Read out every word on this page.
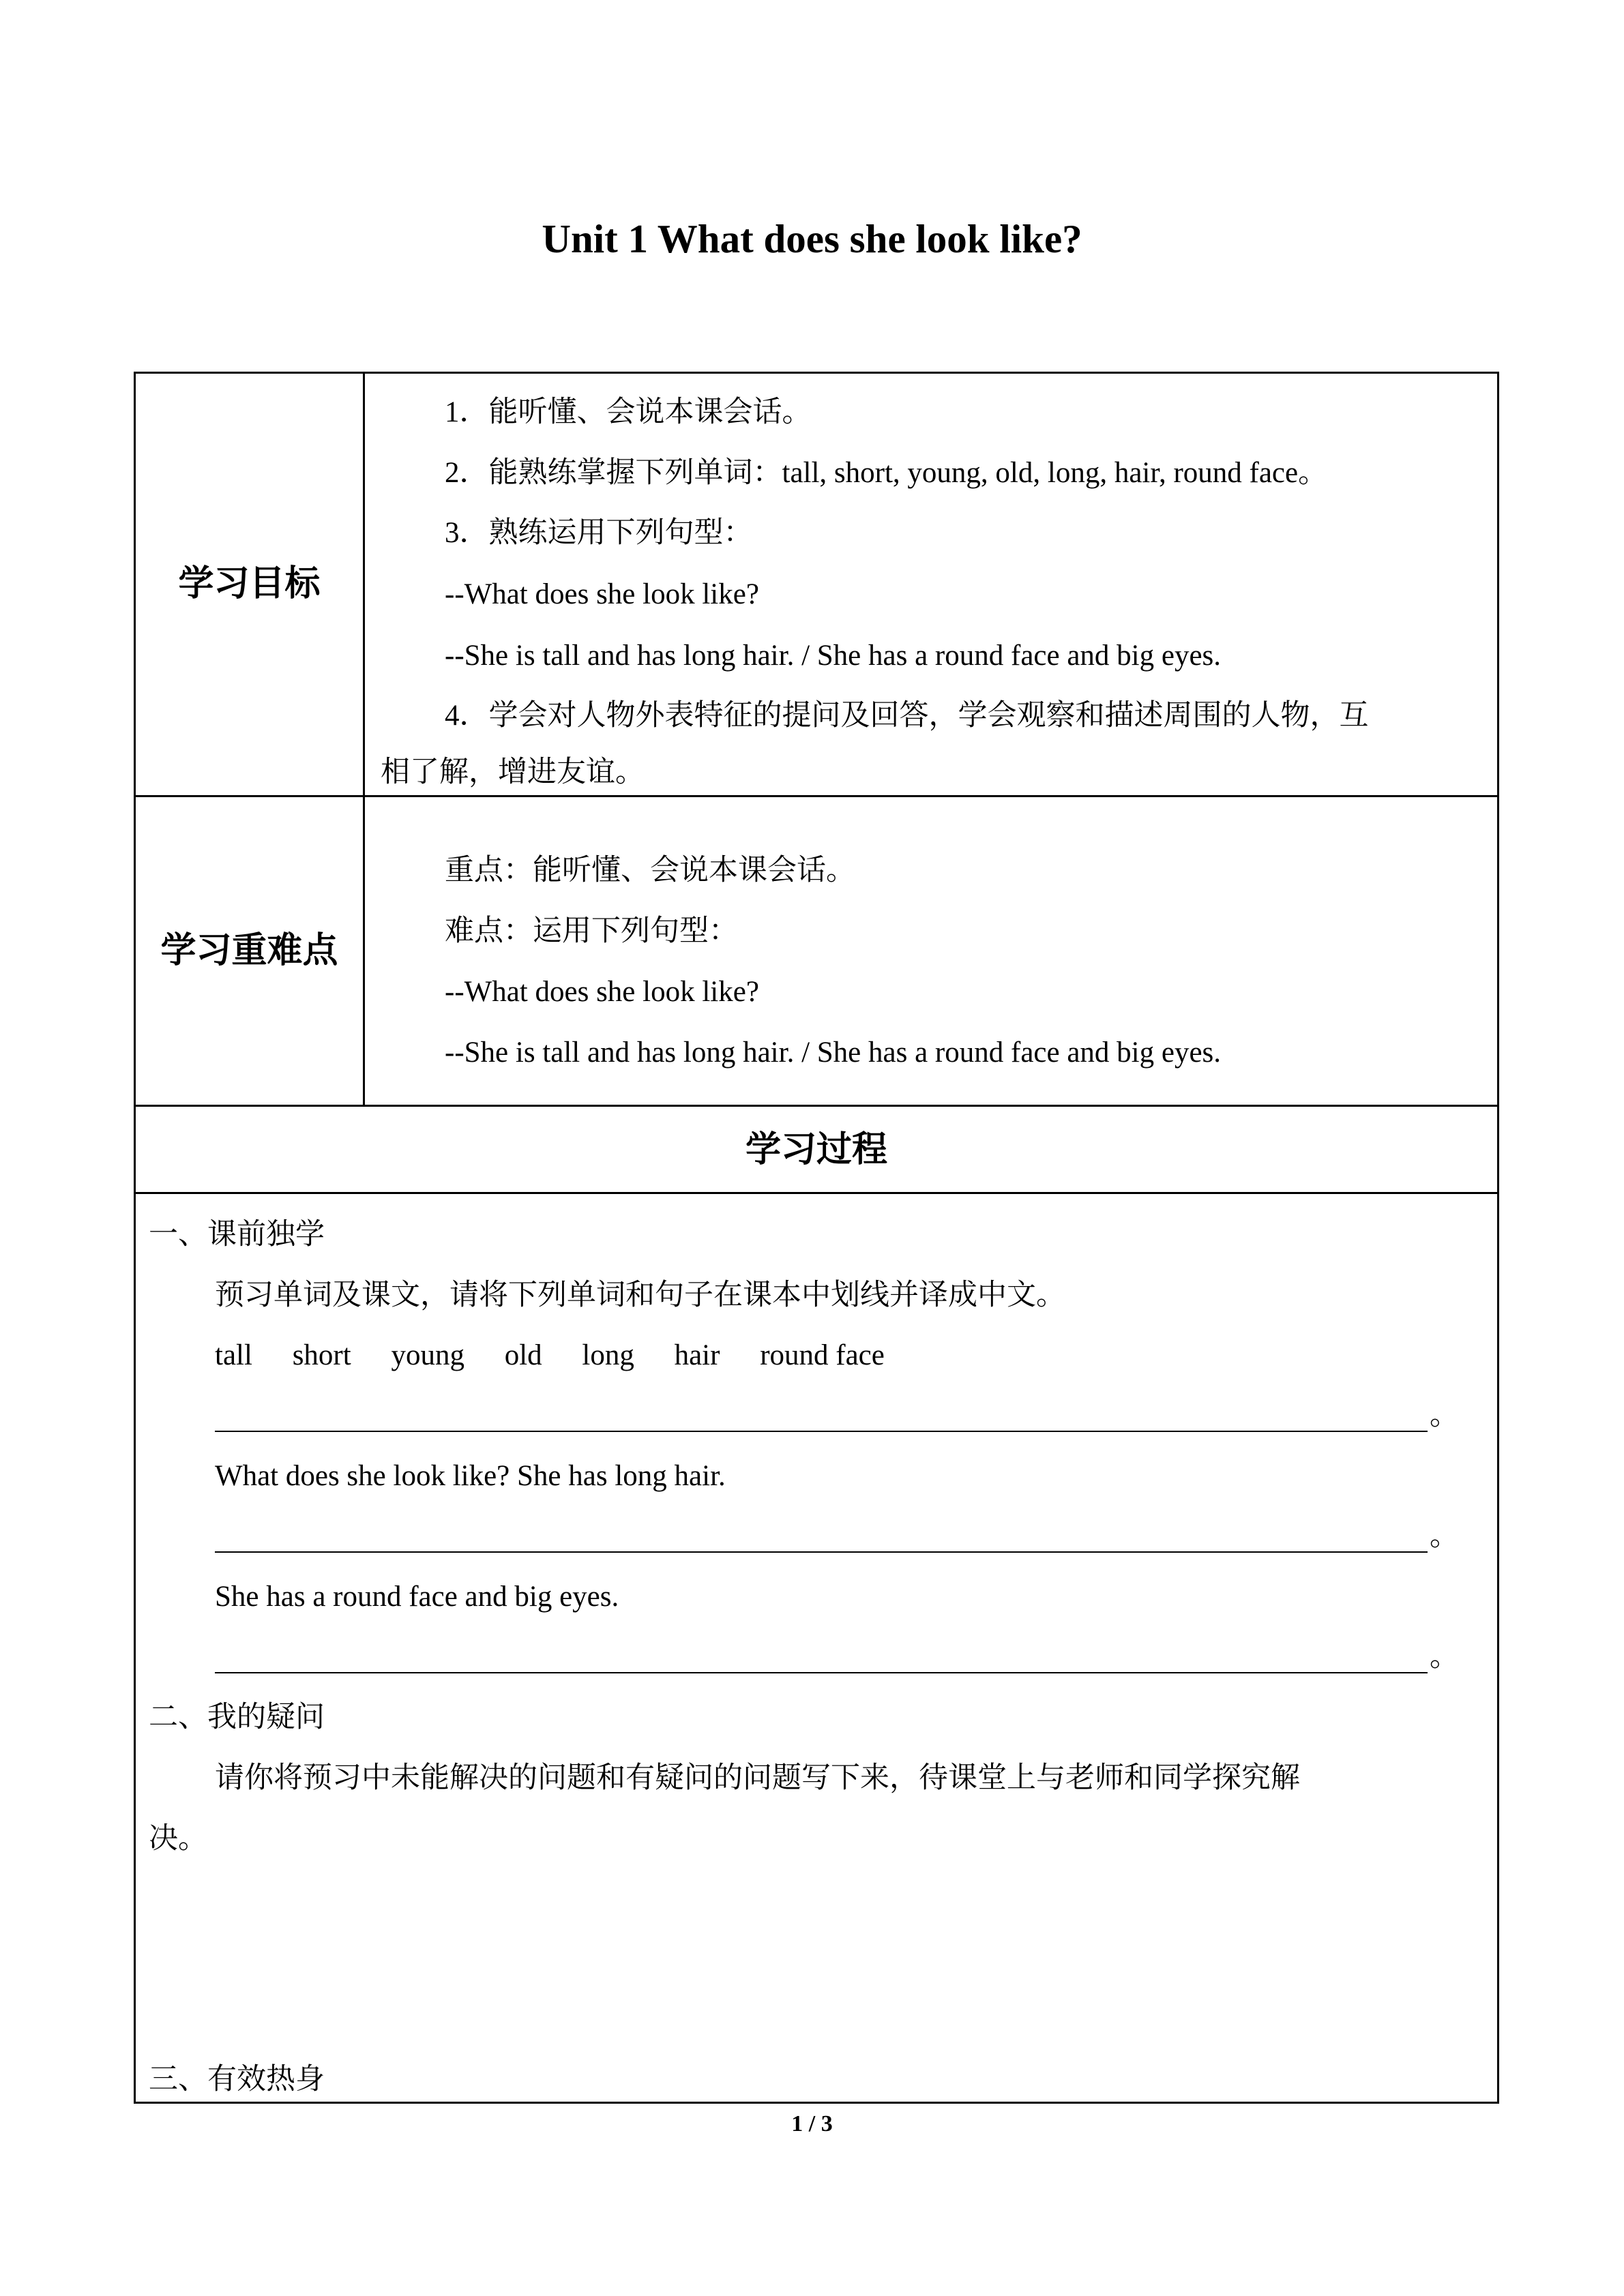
Unit 1 What does she look like?
学习目标
1．能听懂、会说本课会话。
2．能熟练掌握下列单词：tall, short, young, old, long, hair, round face。
3．熟练运用下列句型：
--What does she look like?
--She is tall and has long hair. / She has a round face and big eyes.
4．学会对人物外表特征的提问及回答，学会观察和描述周围的人物，互
相了解，增进友谊。
学习重难点
重点：能听懂、会说本课会话。
难点：运用下列句型：
--What does she look like?
--She is tall and has long hair. / She has a round face and big eyes.
学习过程
一、课前独学
预习单词及课文，请将下列单词和句子在课本中划线并译成中文。
tall short young old long hair round face
。
What does she look like? She has long hair.
。
She has a round face and big eyes.
。
二、我的疑问
请你将预习中未能解决的问题和有疑问的问题写下来，待课堂上与老师和同学探究解
决。
三、有效热身
1 / 3
